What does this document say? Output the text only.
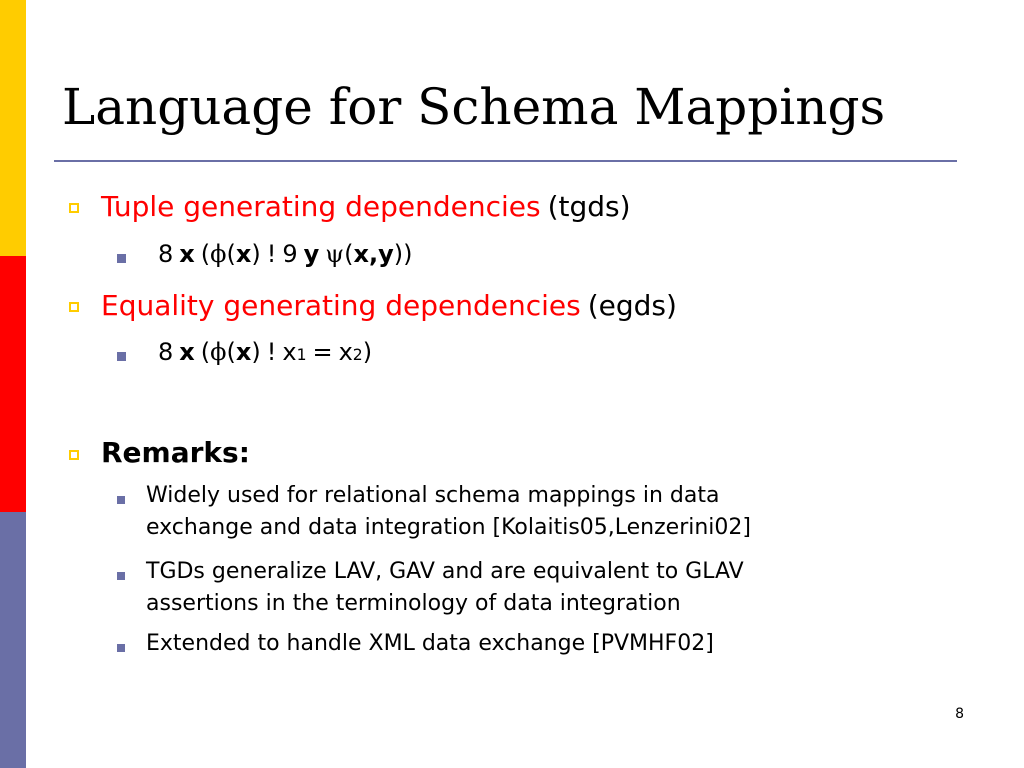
Language for Schema Mappings
Tuple generating dependencies (tgds)
8 x ( ϕ ( x ) ! 9 y ψ ( x , y ))
Equality generating dependencies (egds)
8 x ( ϕ ( x ) ! x 1 = x 2 )
Remarks:
Widely used for relational schema mappings in data
exchange and data integration [Kolaitis05,Lenzerini02]
TGDs generalize LAV, GAV and are equivalent to GLAV
assertions in the terminology of data integration
Extended to handle XML data exchange [PVMHF02]
8
